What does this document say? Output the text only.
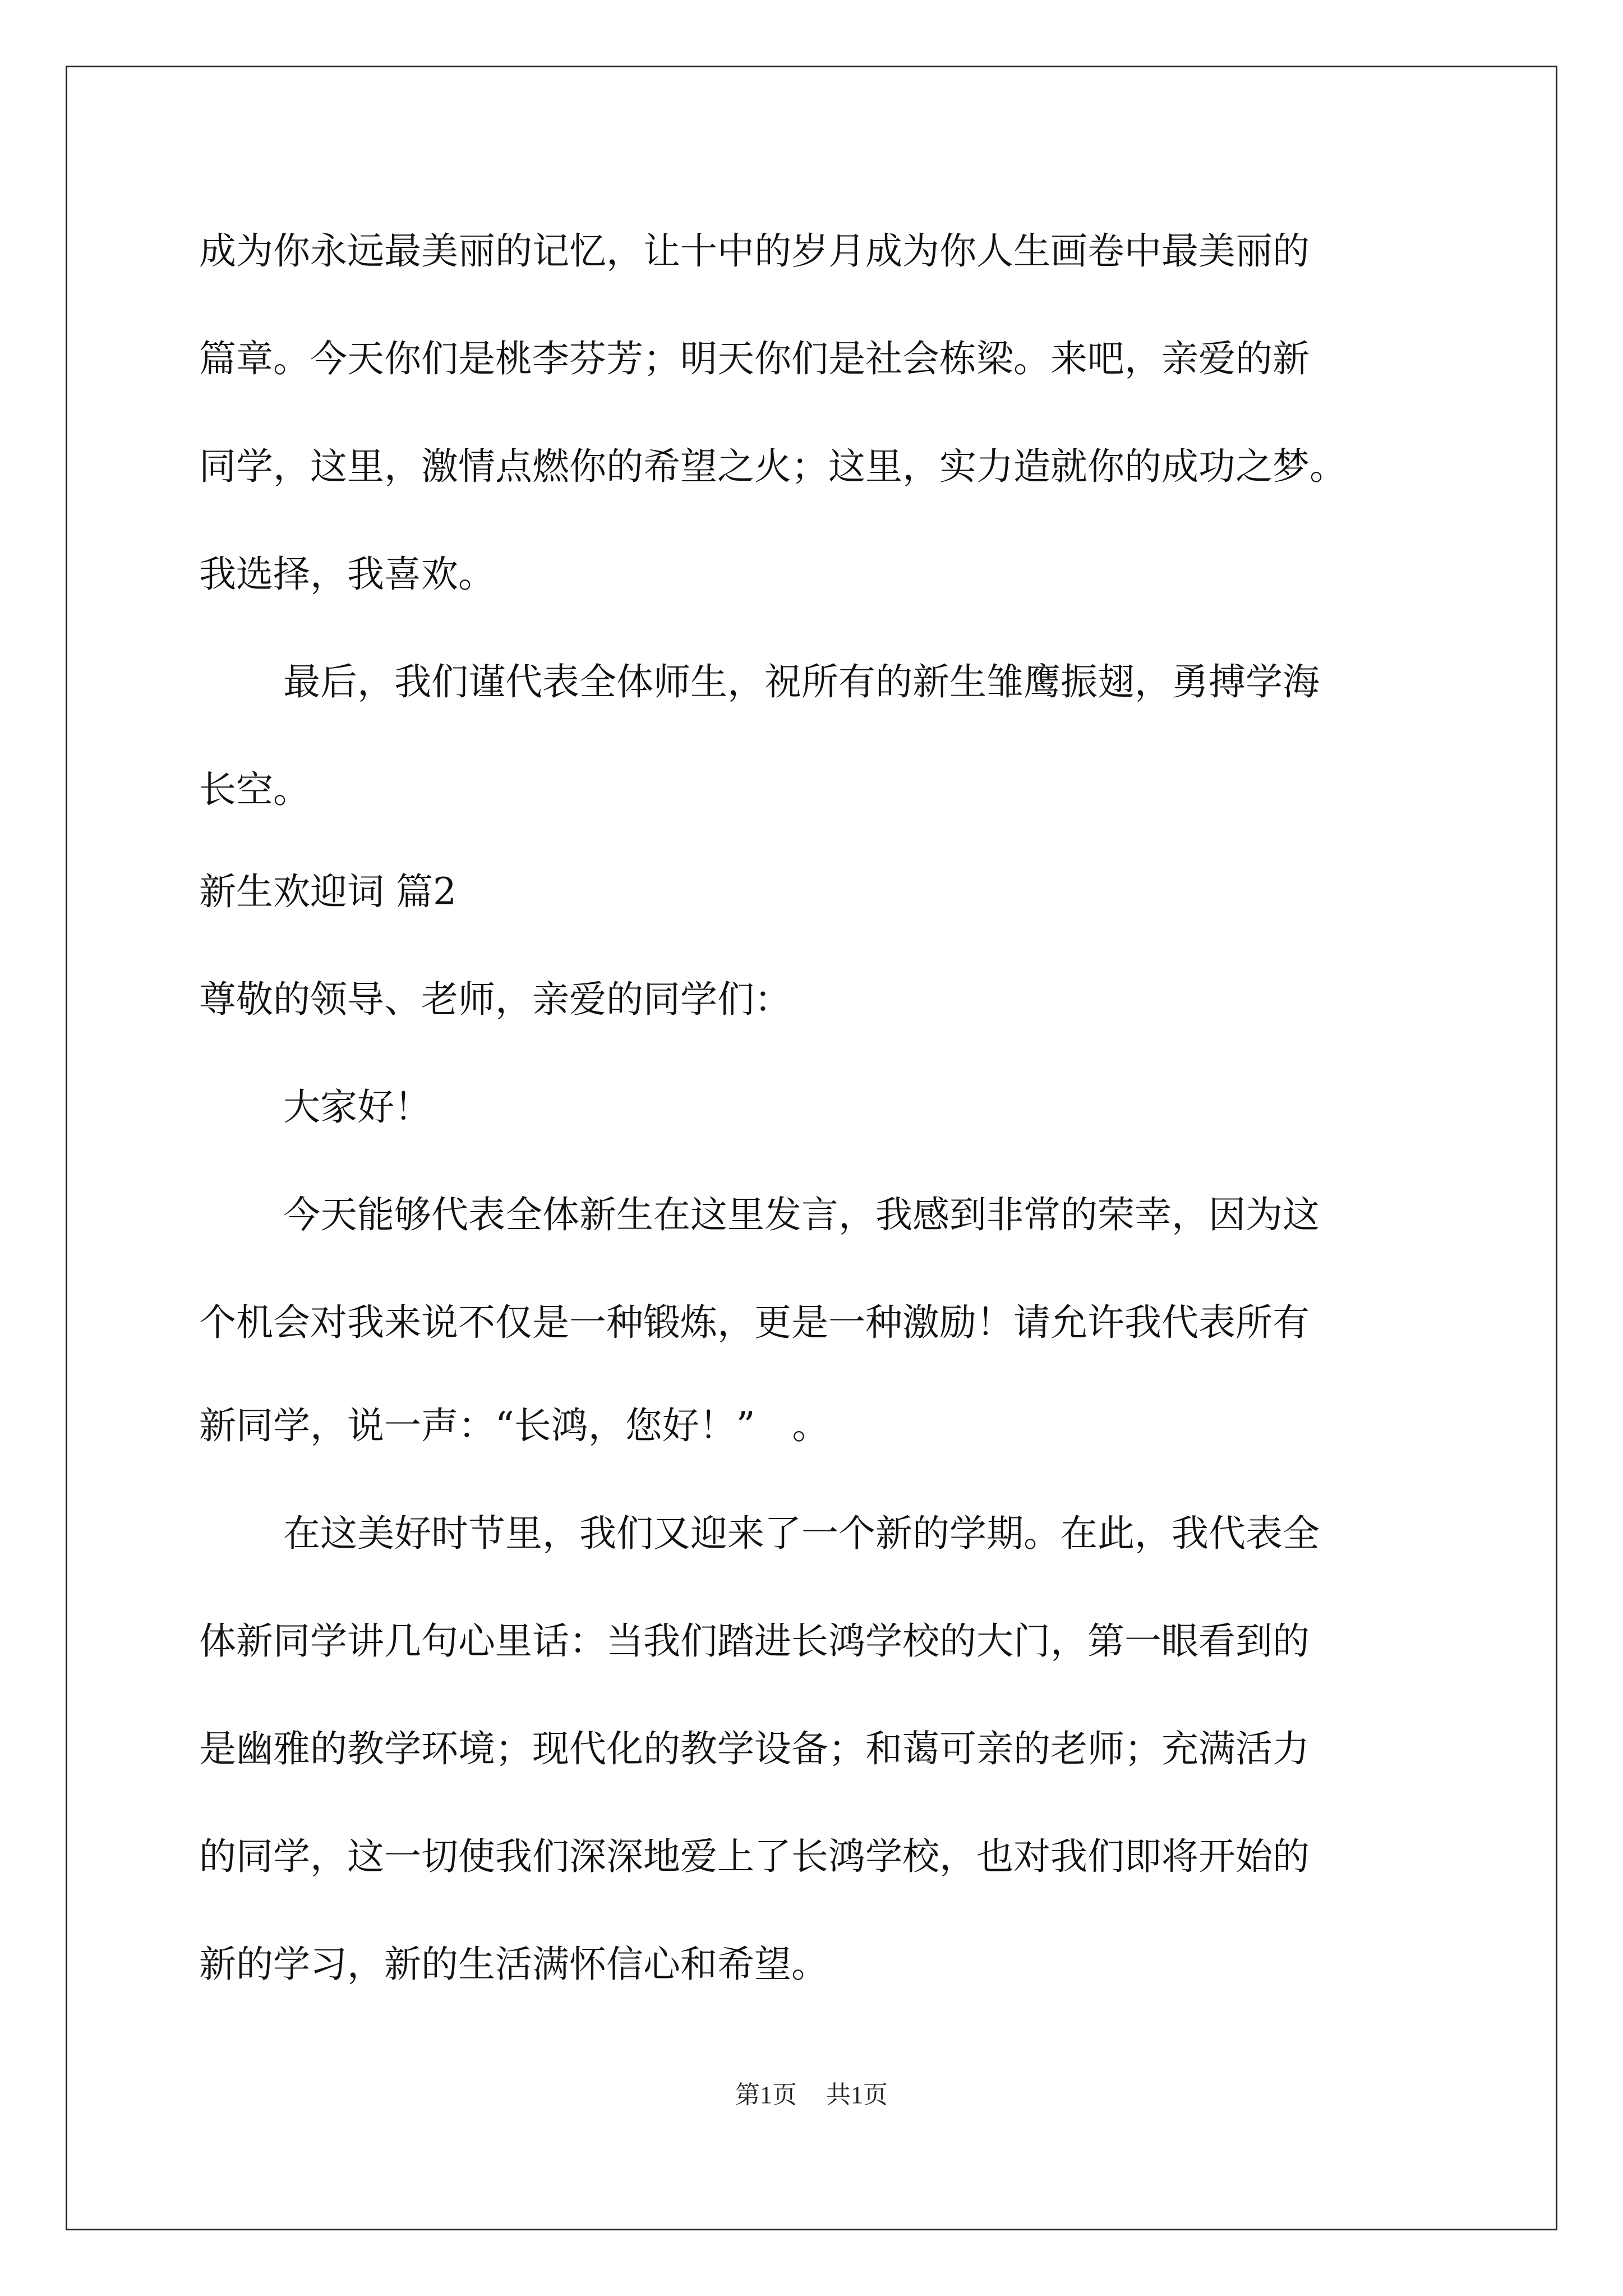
成为你永远最美丽的记忆，让十中的岁月成为你人生画卷中最美丽的
篇章。今天你们是桃李芬芳；明天你们是社会栋梁。来吧，亲爱的新
同学，这里，激情点燃你的希望之火；这里，实力造就你的成功之梦。
我选择，我喜欢。
最后，我们谨代表全体师生，祝所有的新生雏鹰振翅，勇搏学海
长空。
新生欢迎词 篇2
尊敬的领导、老师，亲爱的同学们：
大家好！
今天能够代表全体新生在这里发言，我感到非常的荣幸，因为这
个机会对我来说不仅是一种锻炼，更是一种激励！请允许我代表所有
新同学，说一声：“长鸿，您好！”　。
在这美好时节里，我们又迎来了一个新的学期。在此，我代表全
体新同学讲几句心里话：当我们踏进长鸿学校的大门，第一眼看到的
是幽雅的教学环境；现代化的教学设备；和蔼可亲的老师；充满活力
的同学，这一切使我们深深地爱上了长鸿学校，也对我们即将开始的
新的学习，新的生活满怀信心和希望。
第1页 共1页
